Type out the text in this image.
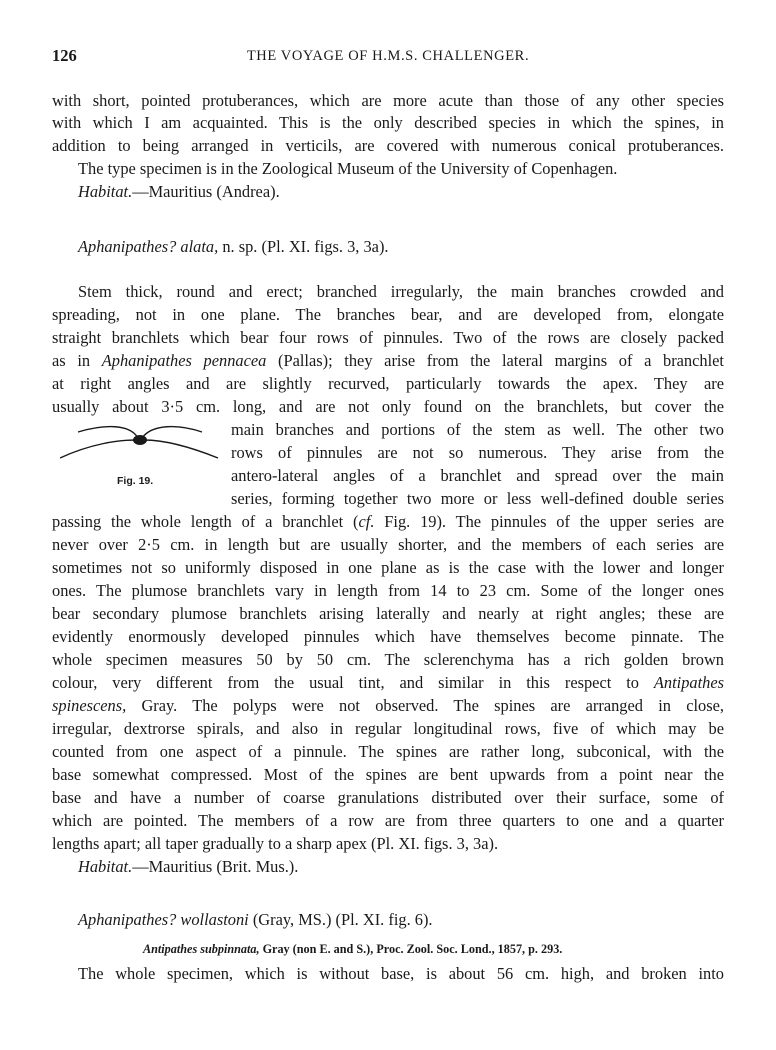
126	THE VOYAGE OF H.M.S. CHALLENGER.
with short, pointed protuberances, which are more acute than those of any other species
with which I am acquainted. This is the only described species in which the spines, in
addition to being arranged in verticils, are covered with numerous conical protuberances.
The type specimen is in the Zoological Museum of the University of Copenhagen.
Habitat.—Mauritius (Andrea).
Aphanipathes? alata, n. sp. (Pl. XI. figs. 3, 3a).
Stem thick, round and erect; branched irregularly, the main branches crowded and
spreading, not in one plane. The branches bear, and are developed from, elongate
straight branchlets which bear four rows of pinnules. Two of the rows are closely packed
as in Aphanipathes pennacea (Pallas); they arise from the lateral margins of a branchlet
at right angles and are slightly recurved, particularly towards the apex. They are
usually about 3·5 cm. long, and are not only found on the branchlets, but cover the
Fig. 19.
main branches and portions of the stem as well. The other two
rows of pinnules are not so numerous. They arise from the
antero-lateral angles of a branchlet and spread over the main
series, forming together two more or less well-defined double series
passing the whole length of a branchlet (cf. Fig. 19). The pinnules of the upper series are
never over 2·5 cm. in length but are usually shorter, and the members of each series are
sometimes not so uniformly disposed in one plane as is the case with the lower and longer
ones. The plumose branchlets vary in length from 14 to 23 cm. Some of the longer ones
bear secondary plumose branchlets arising laterally and nearly at right angles; these are
evidently enormously developed pinnules which have themselves become pinnate. The
whole specimen measures 50 by 50 cm. The sclerenchyma has a rich golden brown
colour, very different from the usual tint, and similar in this respect to Antipathes
spinescens, Gray. The polyps were not observed. The spines are arranged in close,
irregular, dextrorse spirals, and also in regular longitudinal rows, five of which may be
counted from one aspect of a pinnule. The spines are rather long, subconical, with the
base somewhat compressed. Most of the spines are bent upwards from a point near the
base and have a number of coarse granulations distributed over their surface, some of
which are pointed. The members of a row are from three quarters to one and a quarter
lengths apart; all taper gradually to a sharp apex (Pl. XI. figs. 3, 3a).
Habitat.—Mauritius (Brit. Mus.).
Aphanipathes? wollastoni (Gray, MS.) (Pl. XI. fig. 6).
Antipathes subpinnata, Gray (non E. and S.), Proc. Zool. Soc. Lond., 1857, p. 293.
The whole specimen, which is without base, is about 56 cm. high, and broken into
